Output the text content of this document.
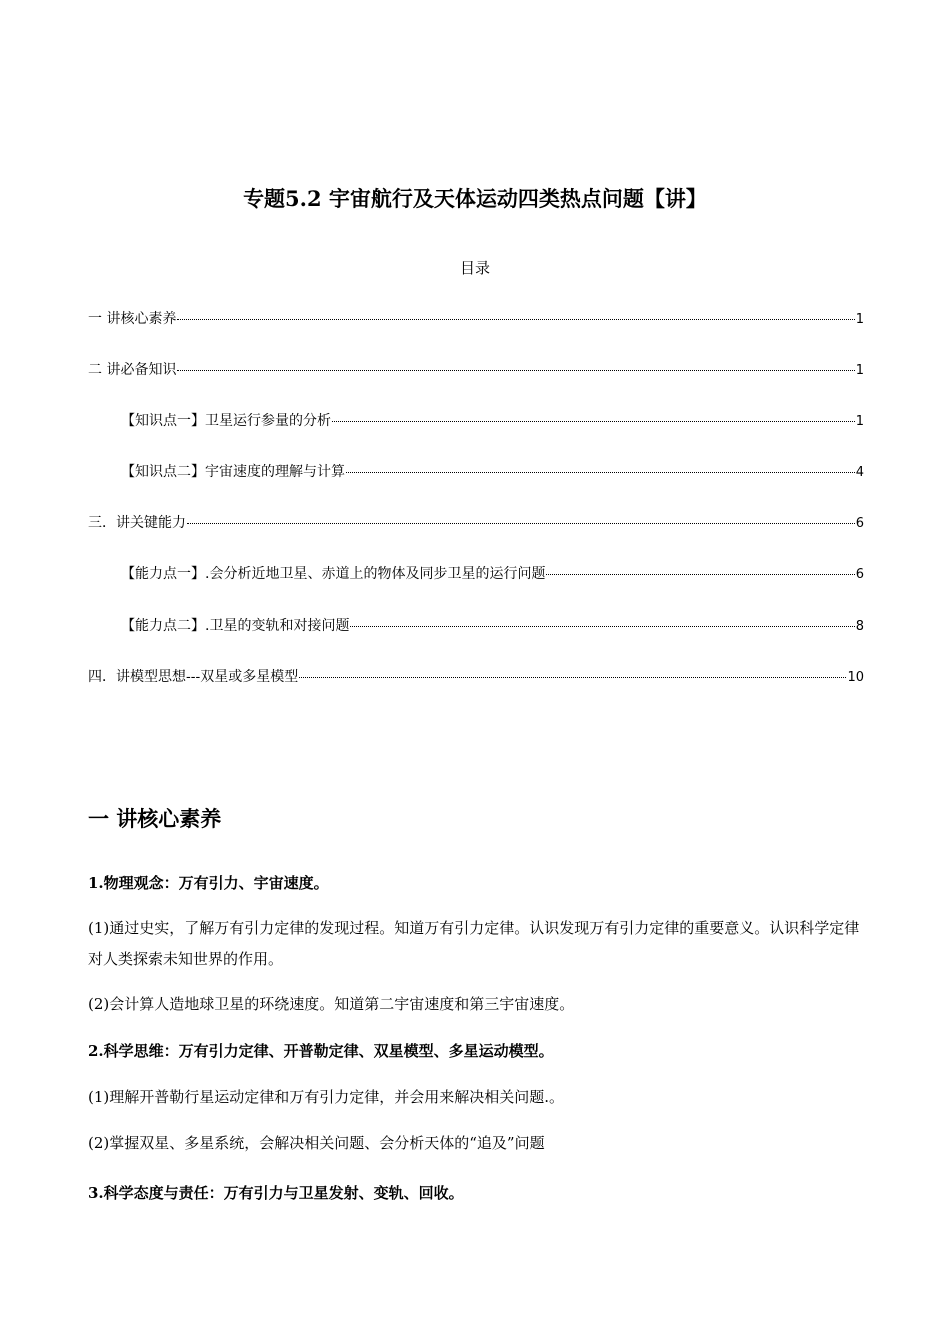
专题5.2 宇宙航行及天体运动四类热点问题【讲】
目录
一 讲核心素养	1
二 讲必备知识	1
【知识点一】卫星运行参量的分析	1
【知识点二】宇宙速度的理解与计算	4
三．讲关键能力	6
【能力点一】.会分析近地卫星、赤道上的物体及同步卫星的运行问题	6
【能力点二】.卫星的变轨和对接问题	8
四．讲模型思想---双星或多星模型	10
一 讲核心素养
1.物理观念：万有引力、宇宙速度。
(1)通过史实，了解万有引力定律的发现过程。知道万有引力定律。认识发现万有引力定律的重要意义。认识科学定律对人类探索未知世界的作用。
(2)会计算人造地球卫星的环绕速度。知道第二宇宙速度和第三宇宙速度。
2.科学思维：万有引力定律、开普勒定律、双星模型、多星运动模型。
(1)理解开普勒行星运动定律和万有引力定律，并会用来解决相关问题.。
(2)掌握双星、多星系统，会解决相关问题、会分析天体的“追及”问题
3.科学态度与责任：万有引力与卫星发射、变轨、回收。
